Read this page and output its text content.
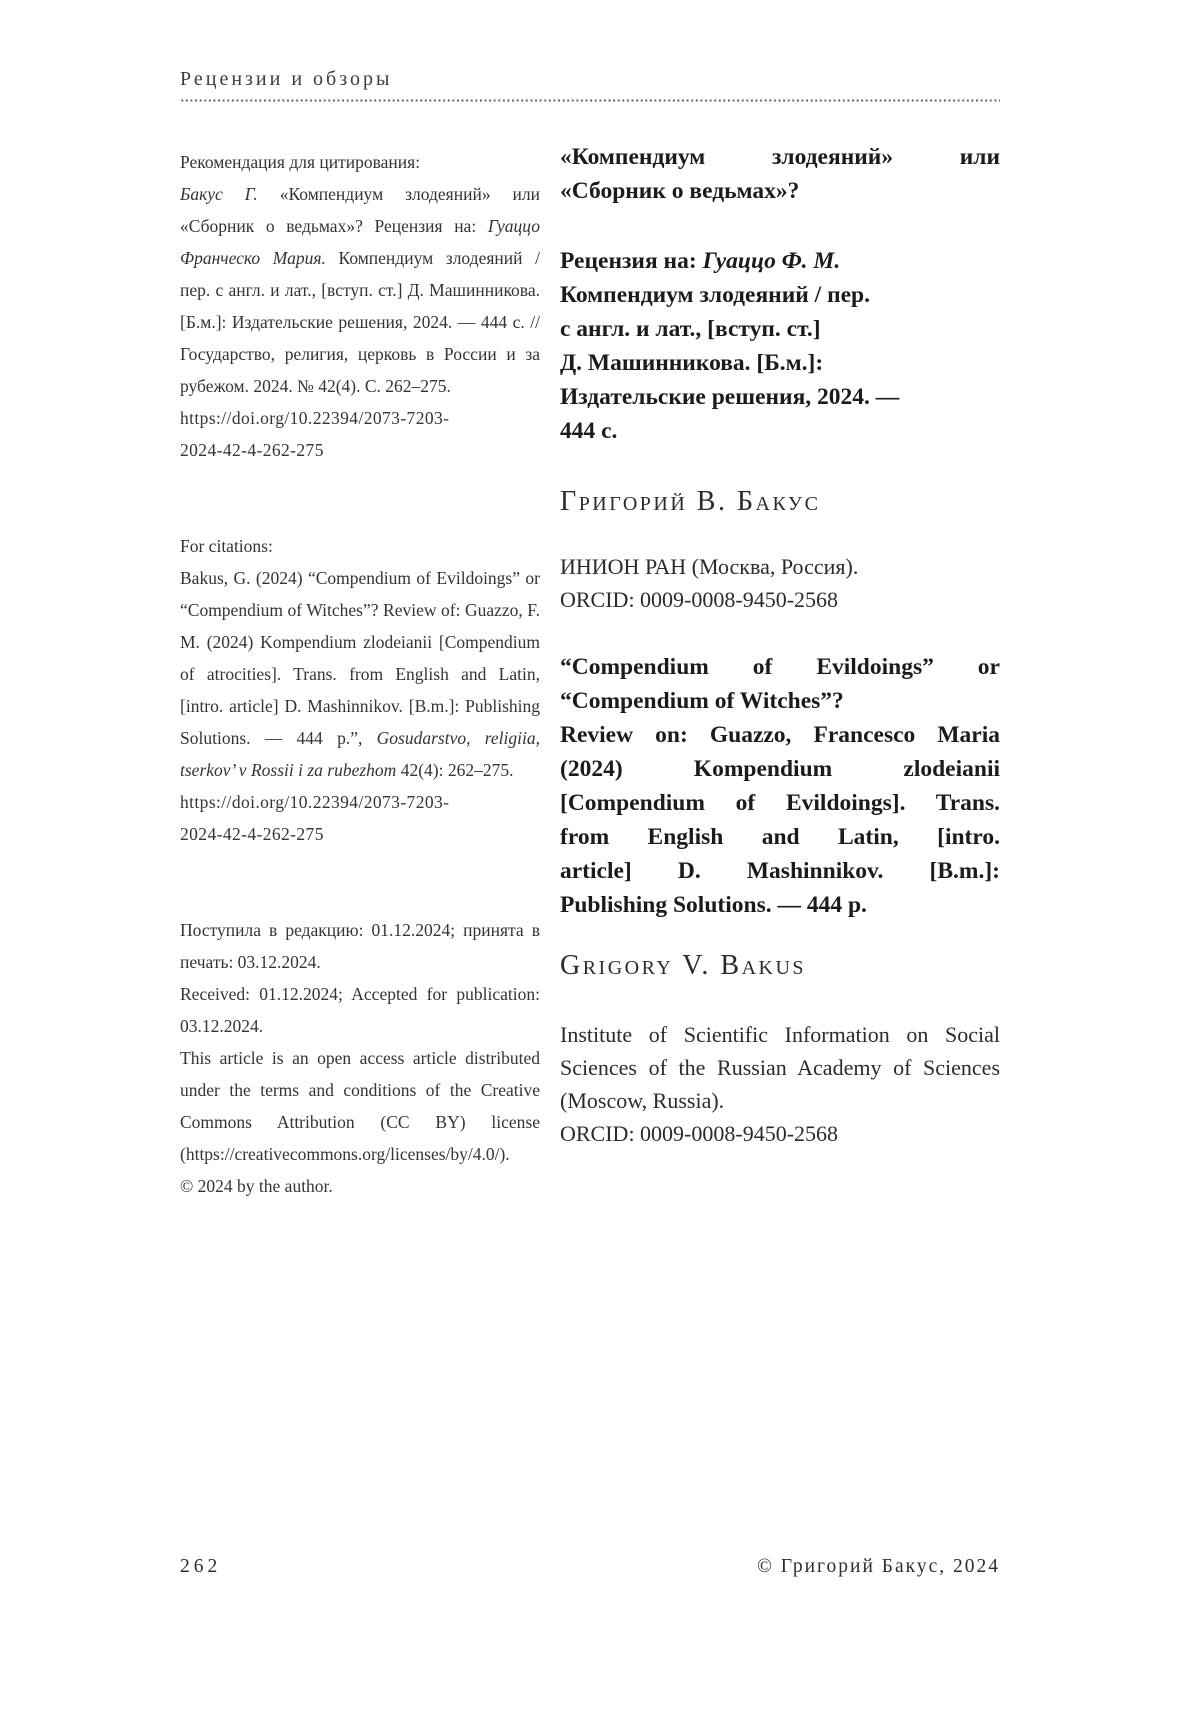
Рецензии и обзоры

Рекомендация для цитирования:

Бакус Г. «Компендиум злодеяний» или «Сборник о ведьмах»? Рецензия на: Гуаццо Франческо Мария. Компендиум злодеяний / пер. с англ. и лат., [вступ. ст.] Д. Машинникова. [Б.м.]: Издательские решения, 2024. — 444 с. // Государство, религия, церковь в России и за рубежом. 2024. № 42(4). С. 262–275.

https://doi.org/10.22394/2073-7203-
2024-42-4-262-275

For citations:

Bakus, G. (2024) “Compendium of Evildoings” or “Compendium of Witches”? Review of: Guazzo, F. M. (2024) Kompendium zlodeianii [Compendium of atrocities]. Trans. from English and Latin, [intro. article] D. Mashinnikov. [B.m.]: Publishing Solutions. — 444 p.”, Gosudarstvo, religiia, tserkov’ v Rossii i za rubezhom 42(4): 262–275.

https://doi.org/10.22394/2073-7203-
2024-42-4-262-275

Поступила в редакцию: 01.12.2024; принята в печать: 03.12.2024.

Received: 01.12.2024; Accepted for publication: 03.12.2024.

This article is an open access article distributed under the terms and conditions of the Creative Commons Attribution (CC BY) license (https://creativecommons.org/licenses/by/4.0/).

© 2024 by the author.

«Компендиум злодеяний» или
«Сборник о ведьмах»?
Рецензия на: Гуаццо Ф. М.
Компендиум злодеяний / пер.
с англ. и лат., [вступ. ст.]
Д. Машинникова. [Б.м.]:
Издательские решения, 2024. —
444 с.
Григорий В. Бакус
ИНИОН РАН (Москва, Россия).
ORCID: 0009-0008-9450-2568
“Compendium of Evildoings” or
“Compendium of Witches”?
Review on: Guazzo, Francesco Maria
(2024) Kompendium zlodeianii
[Compendium of Evildoings]. Trans.
from English and Latin, [intro.
article] D. Mashinnikov. [B.m.]:
Publishing Solutions. — 444 p.
Grigory V. Bakus
Institute of Scientific Information on Social Sciences of the Russian Academy of Sciences (Moscow, Russia).
ORCID: 0009-0008-9450-2568
262	© Григорий Бакус, 2024
